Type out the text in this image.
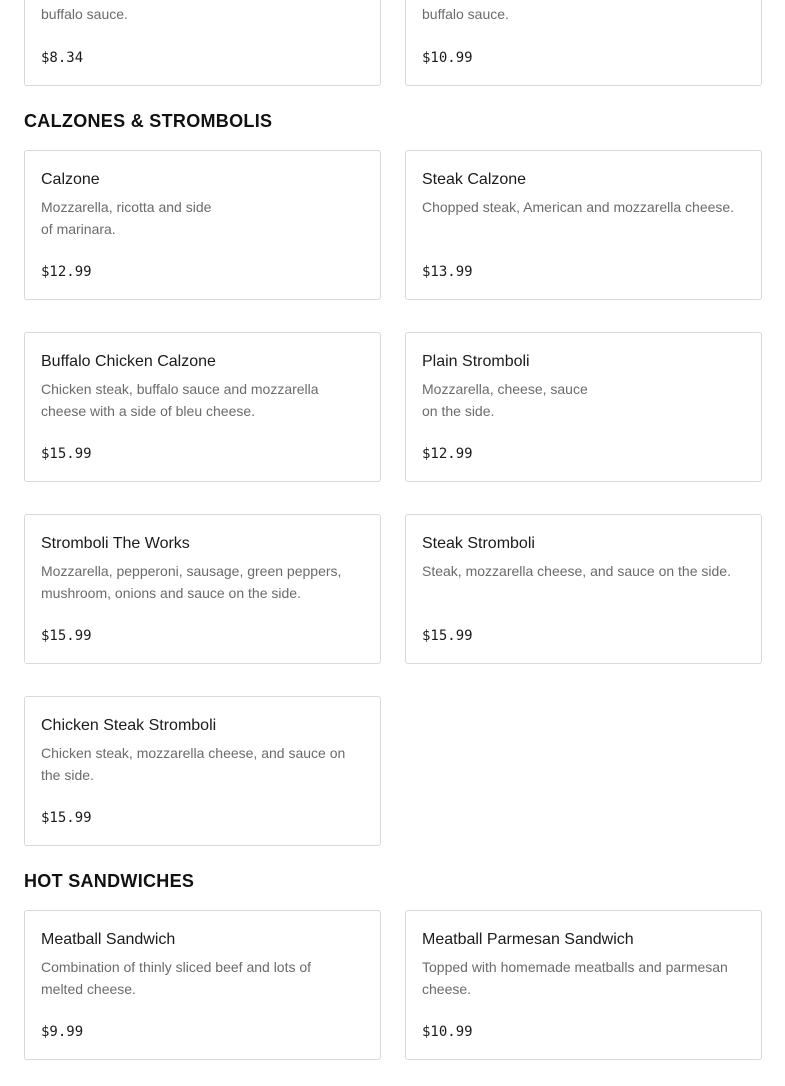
buffalo sauce.
$8.34
buffalo sauce.
$10.99
CALZONES & STROMBOLIS
Calzone
Mozzarella, ricotta and side
of marinara.
$12.99
Steak Calzone
Chopped steak, American and mozzarella cheese.
$13.99
Buffalo Chicken Calzone
Chicken steak, buffalo sauce and mozzarella
cheese with a side of bleu cheese.
$15.99
Plain Stromboli
Mozzarella, cheese, sauce
on the side.
$12.99
Stromboli The Works
Mozzarella, pepperoni, sausage, green peppers,
mushroom, onions and sauce on the side.
$15.99
Steak Stromboli
Steak, mozzarella cheese, and sauce on the side.
$15.99
Chicken Steak Stromboli
Chicken steak, mozzarella cheese, and sauce on
the side.
$15.99
HOT SANDWICHES
Meatball Sandwich
Combination of thinly sliced beef and lots of
melted cheese.
$9.99
Meatball Parmesan Sandwich
Topped with homemade meatballs and parmesan
cheese.
$10.99
